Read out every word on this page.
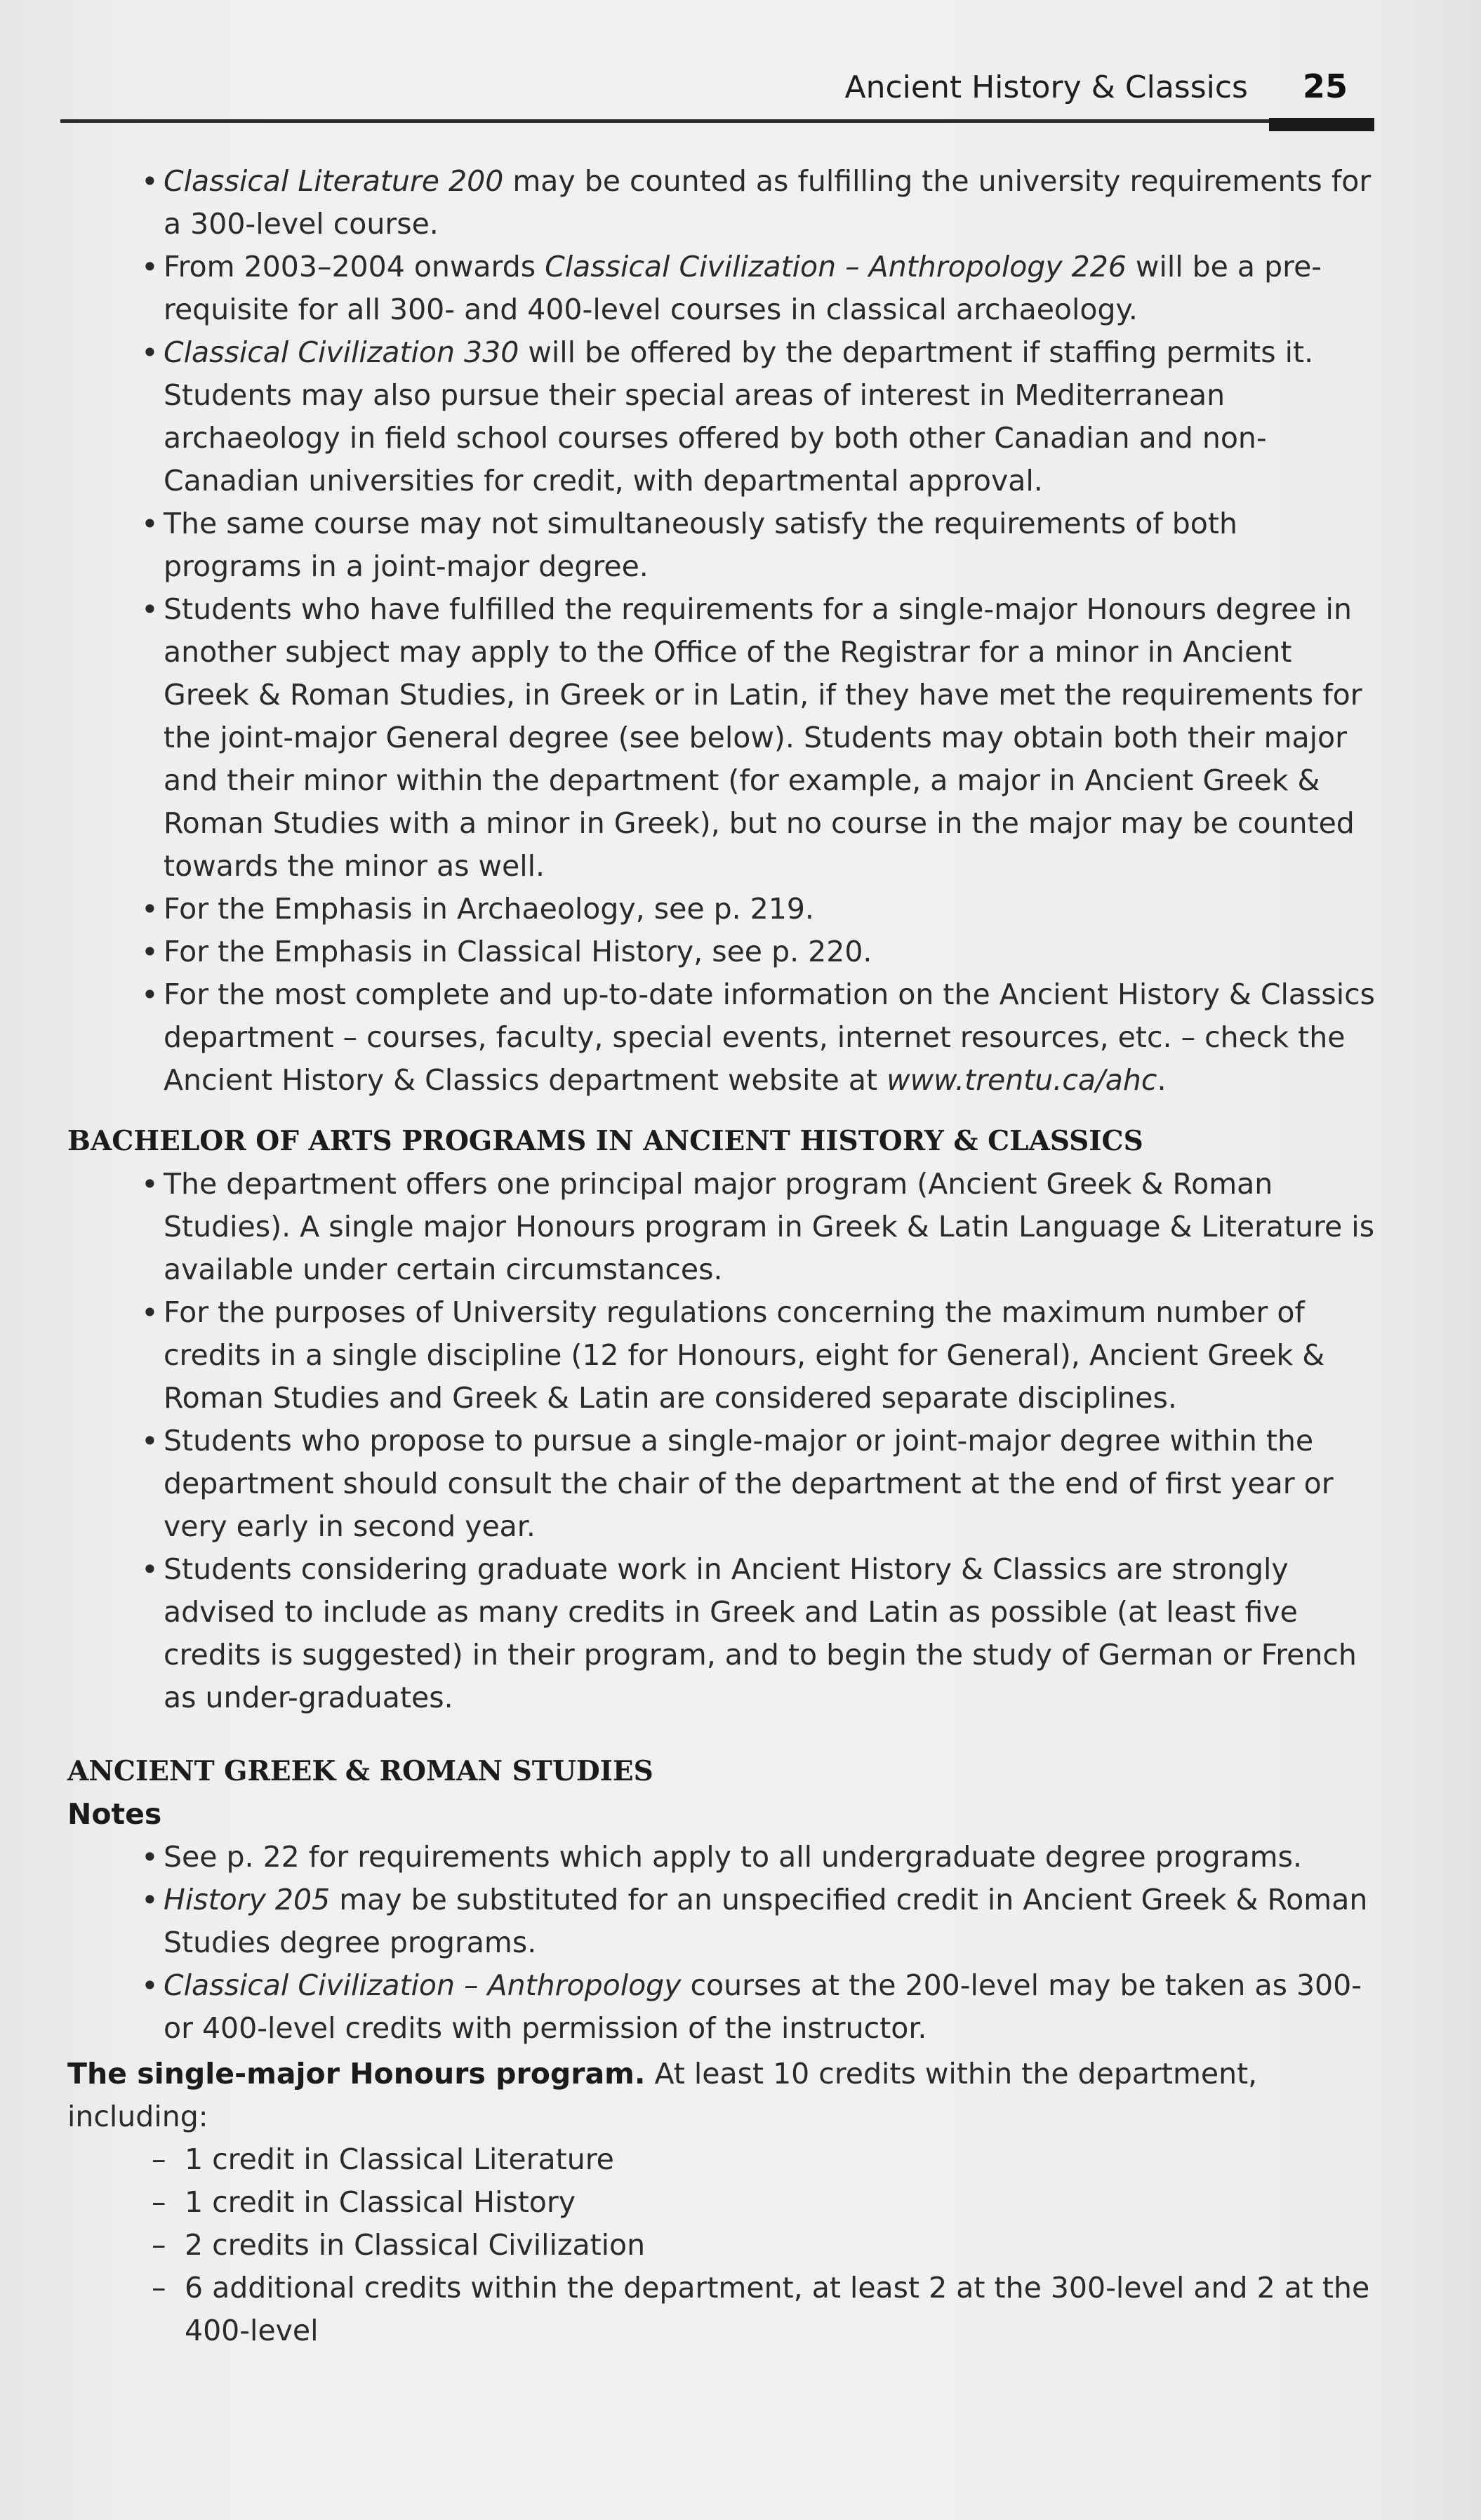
Ancient History & Classics 25
• Classical Literature 200 may be counted as fulfilling the university requirements for a 300-level course.
• From 2003–2004 onwards Classical Civilization – Anthropology 226 will be a pre-requisite for all 300- and 400-level courses in classical archaeology.
• Classical Civilization 330 will be offered by the department if staffing permits it. Students may also pursue their special areas of interest in Mediterranean archaeology in field school courses offered by both other Canadian and non-Canadian universities for credit, with departmental approval.
• The same course may not simultaneously satisfy the requirements of both programs in a joint-major degree.
• Students who have fulfilled the requirements for a single-major Honours degree in another subject may apply to the Office of the Registrar for a minor in Ancient Greek & Roman Studies, in Greek or in Latin, if they have met the requirements for the joint-major General degree (see below). Students may obtain both their major and their minor within the department (for example, a major in Ancient Greek & Roman Studies with a minor in Greek), but no course in the major may be counted towards the minor as well.
• For the Emphasis in Archaeology, see p. 219.
• For the Emphasis in Classical History, see p. 220.
• For the most complete and up-to-date information on the Ancient History & Classics department – courses, faculty, special events, internet resources, etc. – check the Ancient History & Classics department website at www.trentu.ca/ahc.
BACHELOR OF ARTS PROGRAMS IN ANCIENT HISTORY & CLASSICS
• The department offers one principal major program (Ancient Greek & Roman Studies). A single major Honours program in Greek & Latin Language & Literature is available under certain circumstances.
• For the purposes of University regulations concerning the maximum number of credits in a single discipline (12 for Honours, eight for General), Ancient Greek & Roman Studies and Greek & Latin are considered separate disciplines.
• Students who propose to pursue a single-major or joint-major degree within the department should consult the chair of the department at the end of first year or very early in second year.
• Students considering graduate work in Ancient History & Classics are strongly advised to include as many credits in Greek and Latin as possible (at least five credits is suggested) in their program, and to begin the study of German or French as under-graduates.
ANCIENT GREEK & ROMAN STUDIES
Notes
• See p. 22 for requirements which apply to all undergraduate degree programs.
• History 205 may be substituted for an unspecified credit in Ancient Greek & Roman Studies degree programs.
• Classical Civilization – Anthropology courses at the 200-level may be taken as 300- or 400-level credits with permission of the instructor.
The single-major Honours program. At least 10 credits within the department, including:
– 1 credit in Classical Literature
– 1 credit in Classical History
– 2 credits in Classical Civilization
– 6 additional credits within the department, at least 2 at the 300-level and 2 at the 400-level
